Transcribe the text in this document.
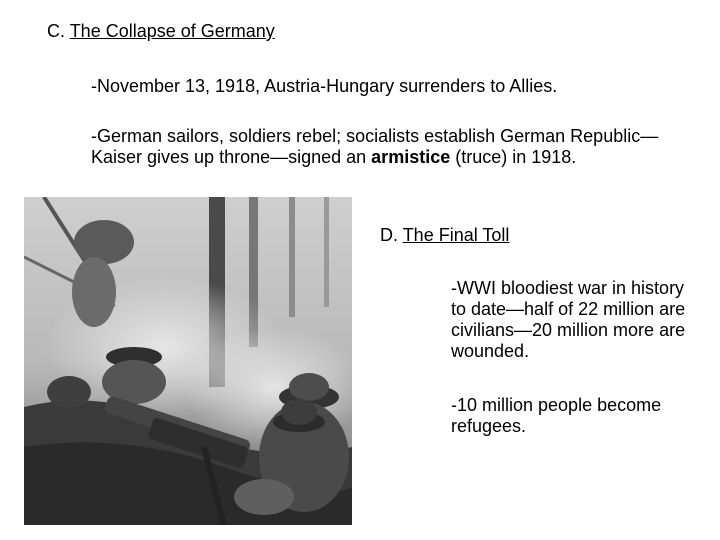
C. The Collapse of Germany

-November 13, 1918, Austria-Hungary surrenders to Allies.

-German sailors, soldiers rebel; socialists establish German Republic—Kaiser gives up throne—signed an armistice (truce) in 1918.

D. The Final Toll

-WWI bloodiest war in history to date—half of 22 million are civilians—20 million more are wounded.

-10 million people become refugees.
